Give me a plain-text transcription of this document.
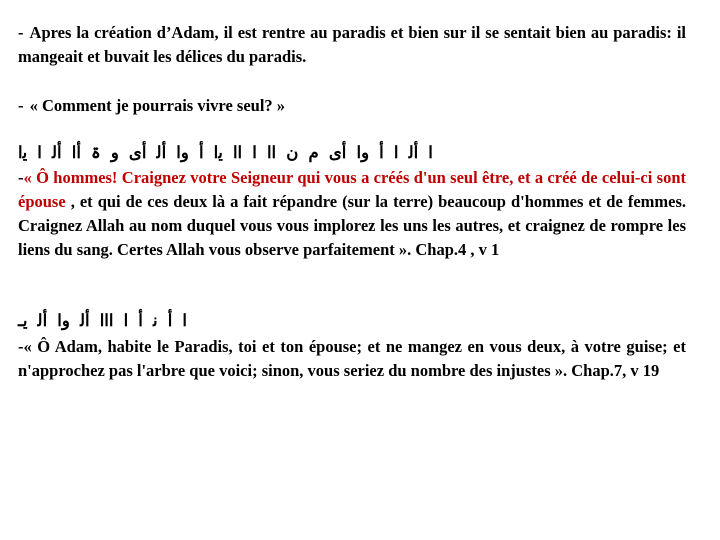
- Apres la création d’Adam, il est rentre au paradis et bien sur il se sentait bien au paradis: il mangeait et buvait les délices du paradis.
- « Comment je pourrais vivre seul? »
ﺍ ﺃﻟ ﺍ ﺃ ﻭﺍ ﺃﻯ ﻡ ﻥ ﺍﺍ ﺍ ﺍﺍ ﻳﺍ ﺃ ﻭﺍ ﺃﻟ ﺃﻯ ﻭ ۃ ﺃﺍ ﺃﻟ ﺍ ﻳﺍ
-« Ô hommes! Craignez votre Seigneur qui vous a créés d'un seul être, et a créé de celui-ci sont épouse , et qui de ces deux là a fait répandre (sur la terre) beaucoup d'hommes et de femmes. Craignez Allah au nom duquel vous vous implorez les uns les autres, et craignez de rompre les liens du sang. Certes Allah vous observe parfaitement ». Chap.4 , v 1
ﺍ ﺃ ﻧ ﺃ ﺍ ﺍﺍﺍ ﺃﻟ ﻭﺍ ﺃﻟ ﻳـ
-« Ô Adam, habite le Paradis, toi et ton épouse; et ne mangez en vous deux, à votre guise; et n'approchez pas l'arbre que voici; sinon, vous seriez du nombre des injustes ». Chap.7, v 19
